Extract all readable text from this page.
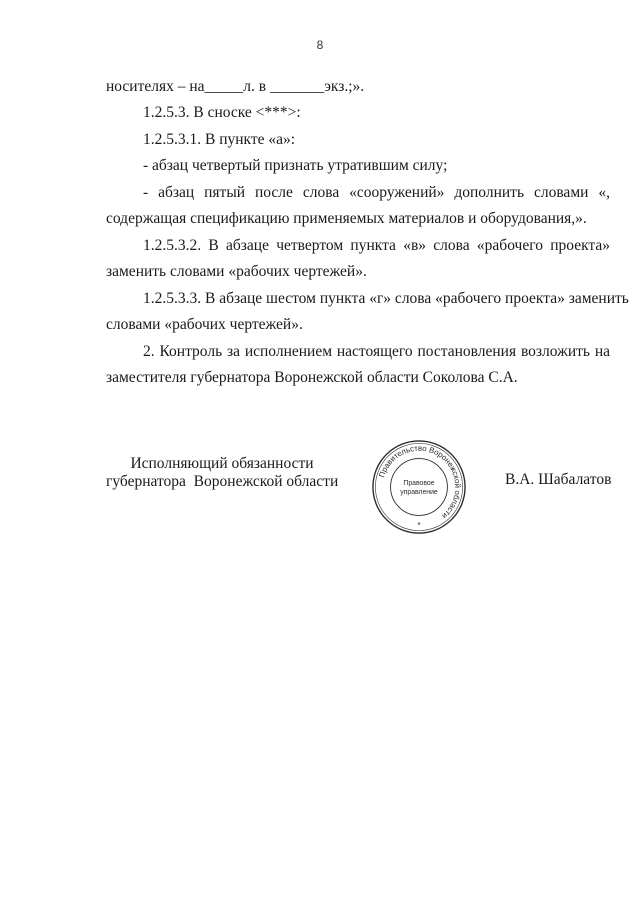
8
носителях – на_____л. в _______экз.;».
1.2.5.3. В сноске <***>:
1.2.5.3.1. В пункте «а»:
- абзац четвертый признать утратившим силу;
- абзац пятый после слова «сооружений» дополнить словами «,
содержащая спецификацию применяемых материалов и оборудования,».
1.2.5.3.2. В абзаце четвертом пункта «в» слова «рабочего проекта»
заменить словами «рабочих чертежей».
1.2.5.3.3. В абзаце шестом пункта «г» слова «рабочего проекта» заменить
словами «рабочих чертежей».
2. Контроль за исполнением настоящего постановления возложить на
заместителя губернатора Воронежской области Соколова С.А.
Исполняющий обязанности
губернатора  Воронежской области	Правительство Воронежской области
Правовое
управление
*
В.А. Шабалатов
